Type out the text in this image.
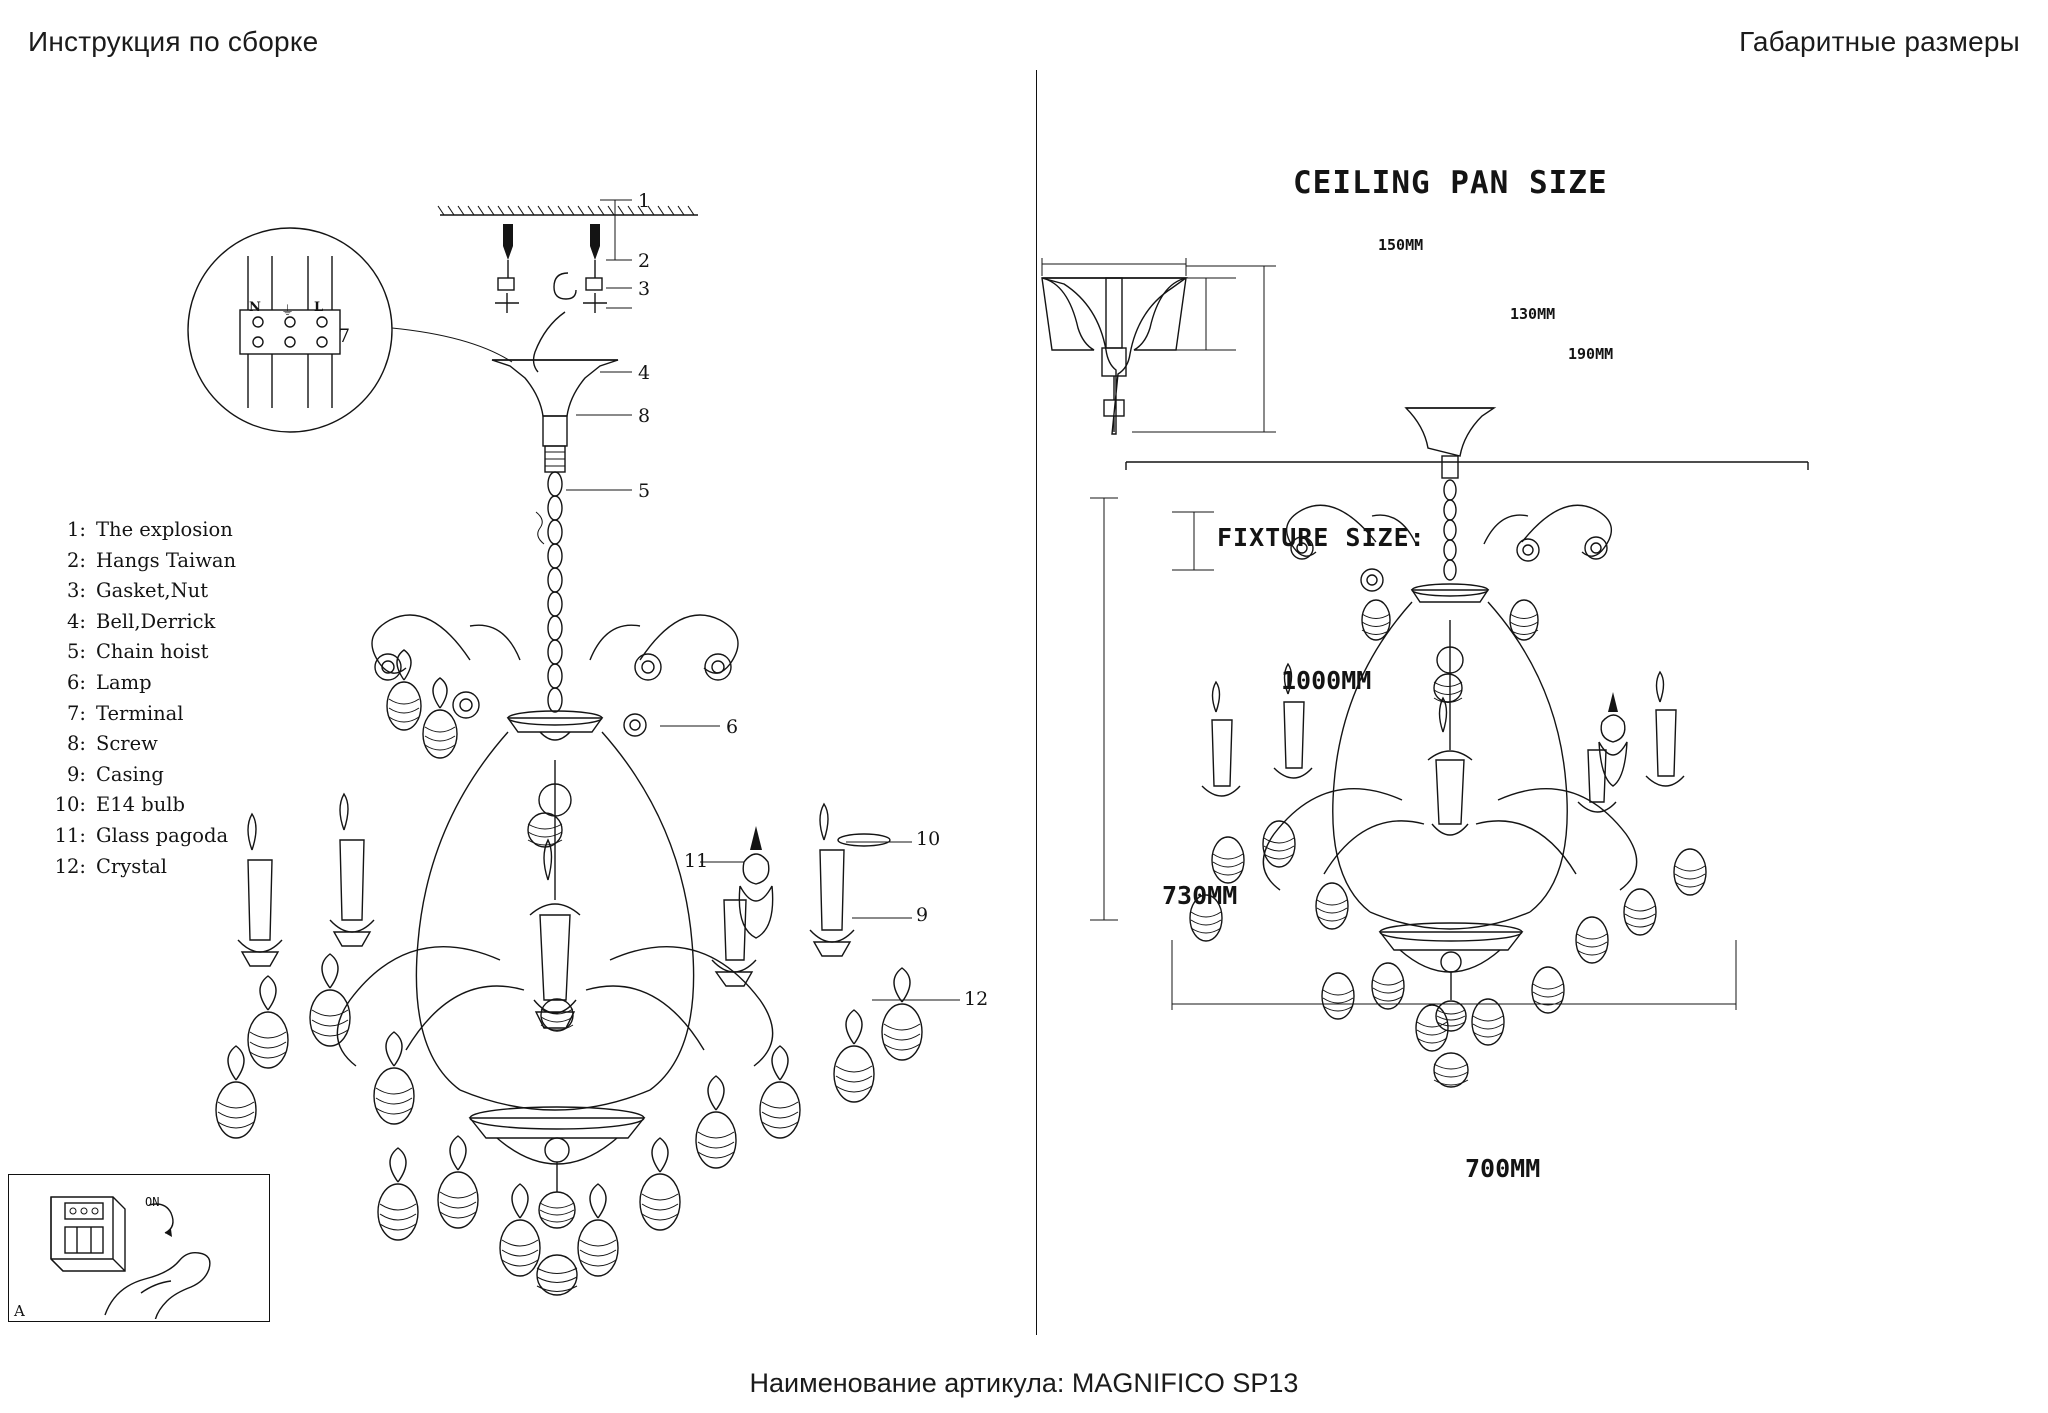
Инструкция по сборке	Габаритные размеры
N ⏚ L
1
2
3
4
8
5
6
7
10
9
11
12
1: The explosion
2: Hangs Taiwan
3: Gasket,Nut
4: Bell,Derrick
5: Chain hoist
6: Lamp
7: Terminal
8: Screw
9: Casing
10: E14 bulb
11: Glass pagoda
12: Crystal
ON
A
CEILING PAN SIZE
150MM
130MM
190MM
FIXTURE SIZE:
1000MM
730MM
700MM
Наименование артикула: MAGNIFICO SP13
